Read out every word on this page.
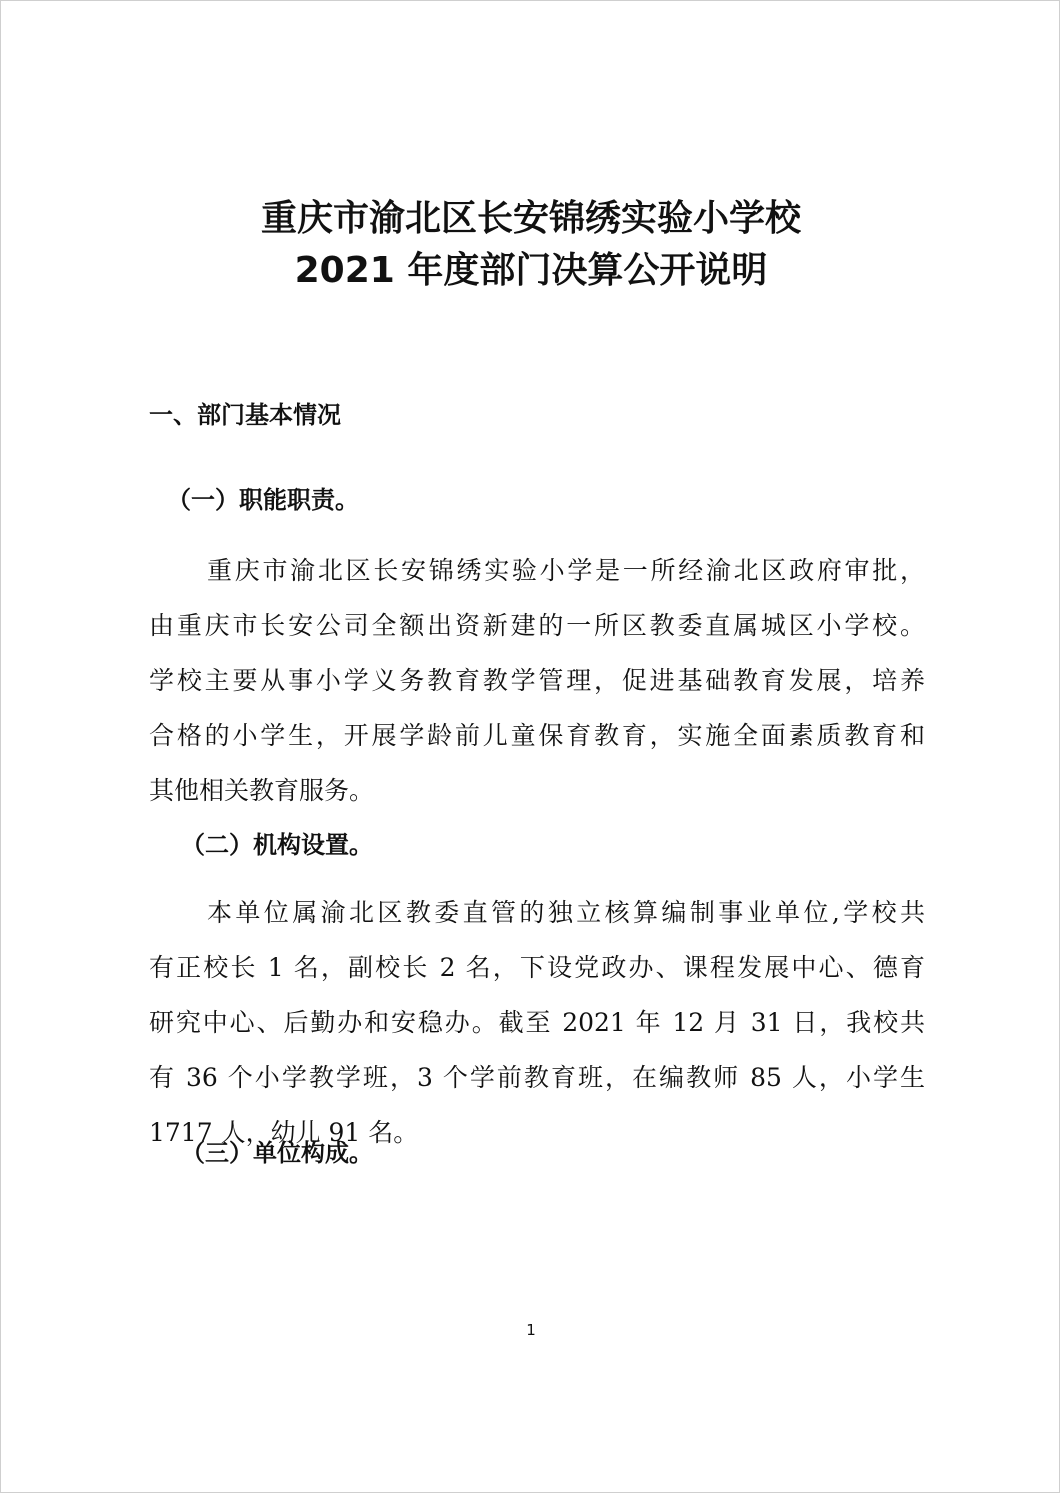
重庆市渝北区长安锦绣实验小学校
2021 年度部门决算公开说明
一、部门基本情况
（一）职能职责。
重庆市渝北区长安锦绣实验小学是一所经渝北区政府审批，
由重庆市长安公司全额出资新建的一所区教委直属城区小学校。
学校主要从事小学义务教育教学管理，促进基础教育发展，培养
合格的小学生，开展学龄前儿童保育教育，实施全面素质教育和
其他相关教育服务。
（二）机构设置。
本单位属渝北区教委直管的独立核算编制事业单位,学校共
有正校长 1 名，副校长 2 名，下设党政办、课程发展中心、德育
研究中心、后勤办和安稳办。截至 2021 年 12 月 31 日，我校共
有 36 个小学教学班，3 个学前教育班，在编教师 85 人，小学生
1717 人，幼儿 91 名。
（三）单位构成。
1
